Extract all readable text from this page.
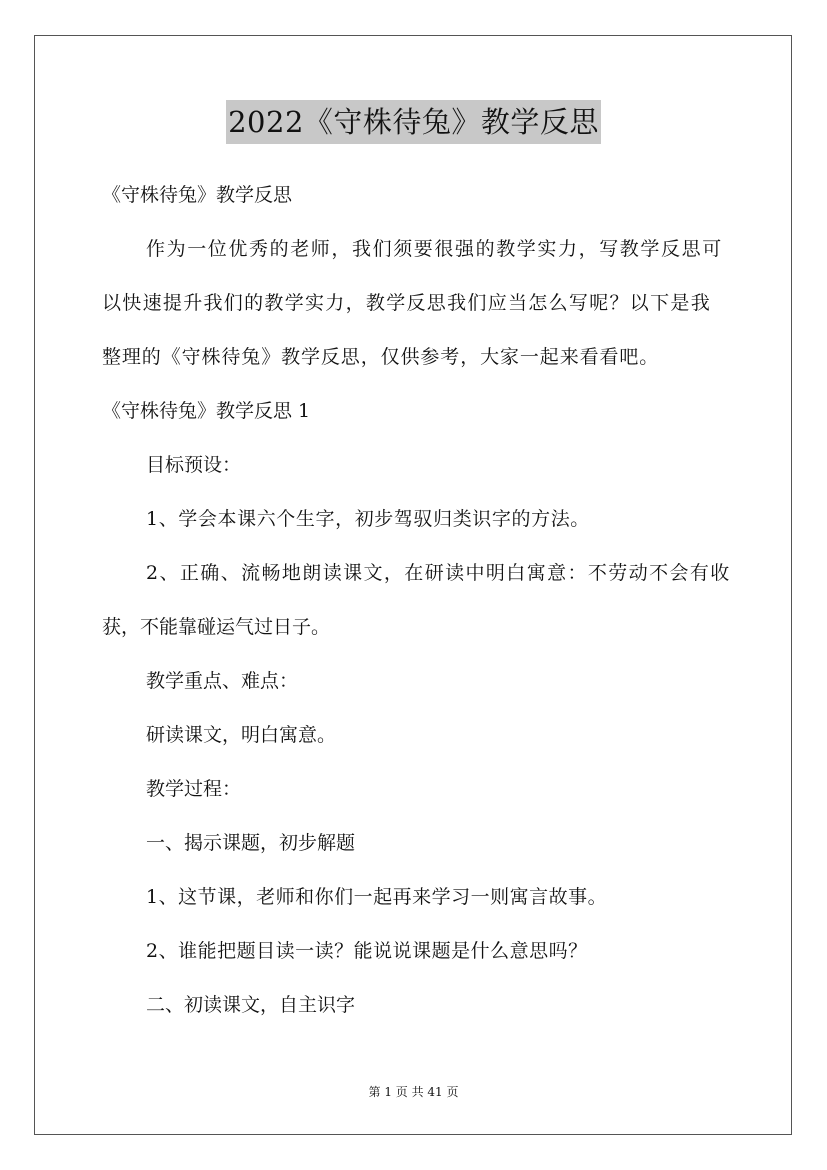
2022《守株待兔》教学反思
《守株待兔》教学反思
作为一位优秀的老师，我们须要很强的教学实力，写教学反思可
以快速提升我们的教学实力，教学反思我们应当怎么写呢？以下是我
整理的《守株待兔》教学反思，仅供参考，大家一起来看看吧。
《守株待兔》教学反思 1
目标预设：
1、学会本课六个生字，初步驾驭归类识字的方法。
2、正确、流畅地朗读课文，在研读中明白寓意：不劳动不会有收
获，不能靠碰运气过日子。
教学重点、难点：
研读课文，明白寓意。
教学过程：
一、揭示课题，初步解题
1、这节课，老师和你们一起再来学习一则寓言故事。
2、谁能把题目读一读？能说说课题是什么意思吗？
二、初读课文，自主识字
第 1 页 共 41 页
